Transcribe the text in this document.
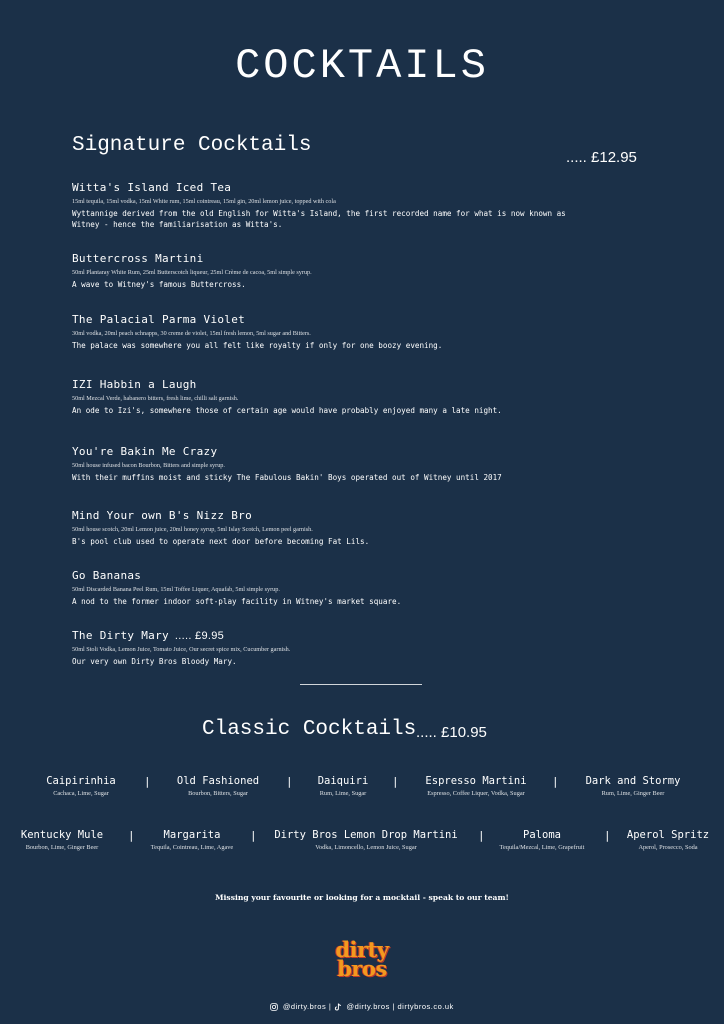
COCKTAILS
Signature Cocktails
..... £12.95
Witta's Island Iced Tea
15ml tequila, 15ml vodka, 15ml White rum, 15ml cointreau, 15ml gin, 20ml lemon juice, topped with cola
Wyttannige derived from the old English for Witta's Island, the first recorded name for what is now known as Witney - hence the familiarisation as Witta's.
Buttercross Martini
50ml Plantaray White Rum, 25ml Butterscotch liqueur, 25ml Crème de cacoa, 5ml simple syrup.
A wave to Witney's famous Buttercross.
The Palacial Parma Violet
30ml vodka, 20ml peach schnapps, 30 creme de violet, 15ml fresh lemon, 5ml sugar and Bitters.
The palace was somewhere you all felt like royalty if only for one boozy evening.
IZI Habbin a Laugh
50ml Mezcal Verde, habanero bitters, fresh lime, chilli salt garnish.
An ode to Izi's, somewhere those of certain age would have probably enjoyed many a late night.
You're Bakin Me Crazy
50ml house infused bacon Bourbon, Bitters and simple syrup.
With their muffins moist and sticky The Fabulous Bakin' Boys operated out of Witney until 2017
Mind Your own B's Nizz Bro
50ml house scotch, 20ml Lemon juice, 20ml honey syrup, 5ml Islay Scotch, Lemon peel garnish.
B's pool club used to operate next door before becoming Fat Lils.
Go Bananas
50ml Discarded Banana Peel Rum, 15ml Toffee Liquer, Aquafab, 5ml simple syrup.
A nod to the former indoor soft-play facility in Witney's market square.
The Dirty Mary ..... £9.95
50ml Stoli Vodka, Lemon Juice, Tomato Juice, Our secret spice mix, Cucumber garnish.
Our very own Dirty Bros Bloody Mary.
Classic Cocktails ..... £10.95
Caipirinhia
Cachaca, Lime, Sugar
|	Old Fashioned
Bourbon, Bitters, Sugar
|	Daiquiri
Rum, Lime, Sugar
|	Espresso Martini
Espresso, Coffee Liquer, Vodka, Sugar
|	Dark and Stormy
Rum, Lime, Ginger Beer
Kentucky Mule
Bourbon, Lime, Ginger Beer
|	Margarita
Tequila, Cointreau, Lime, Agave
|	Dirty Bros Lemon Drop Martini
Vodka, Limoncello, Lemon Juice, Sugar
|	Paloma
Tequila/Mezcal, Lime, Grapefruit
|	Aperol Spritz
Aperol, Prosecco, Soda
Missing your favourite or looking for a mocktail - speak to our team!
dirty
bros
@dirty.bros | @dirty.bros | dirtybros.co.uk
